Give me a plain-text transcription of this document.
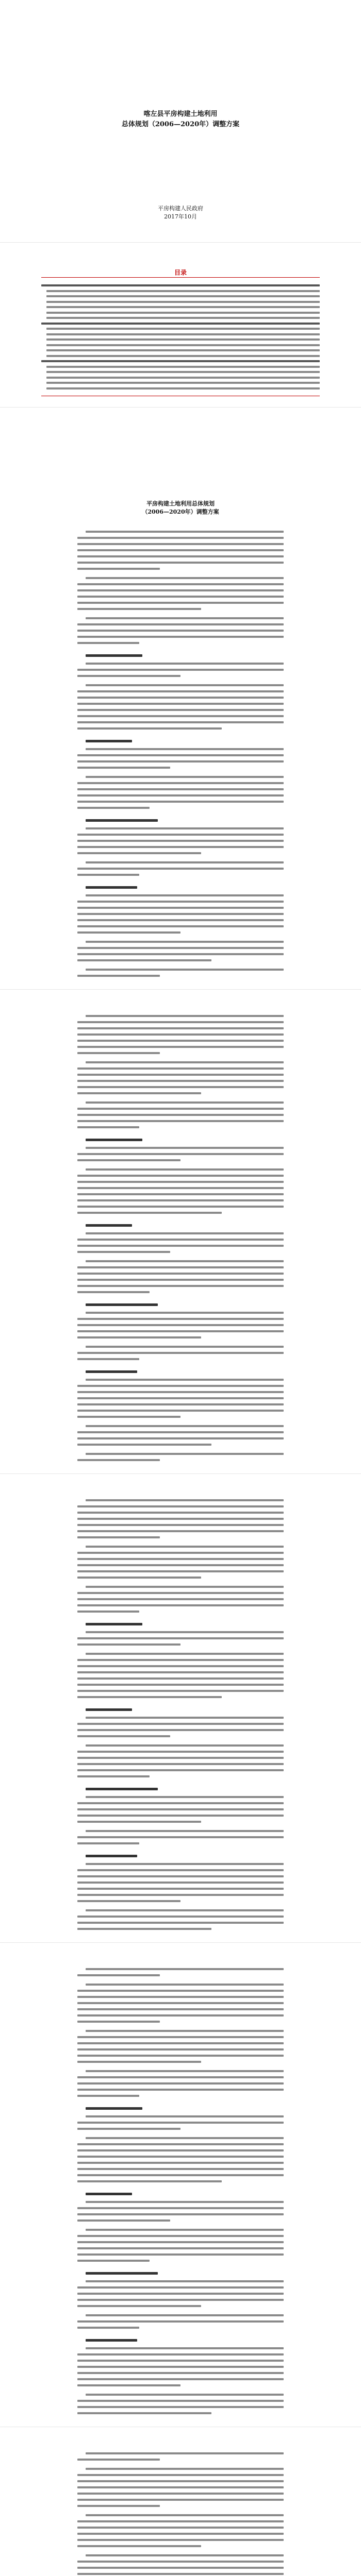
喀左县平房构建土地利用
总体规划（2006—2020年）调整方案
平房构建人民政府
2017年10月
目录
平房构建土地利用总体规划
（2006—2020年）调整方案
